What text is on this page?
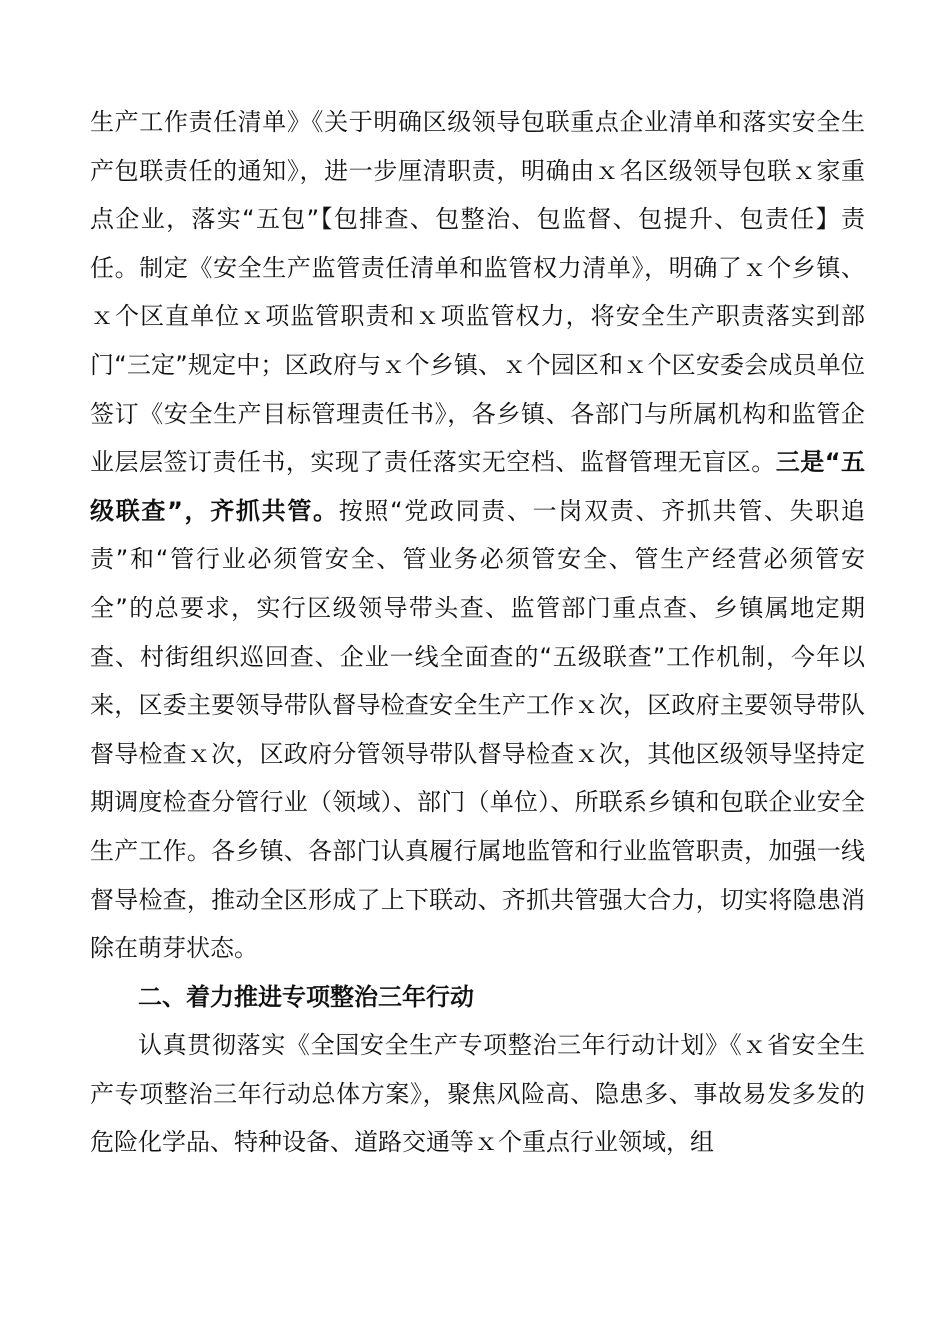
生产工作责任清单》《关于明确区级领导包联重点企业清单和落实安全生产包联责任的通知》，进一步厘清职责，明确由ｘ名区级领导包联ｘ家重点企业，落实“五包”【包排查、包整治、包监督、包提升、包责任】责任。制定《安全生产监管责任清单和监管权力清单》，明确了ｘ个乡镇、ｘ个区直单位ｘ项监管职责和ｘ项监管权力，将安全生产职责落实到部门“三定”规定中；区政府与ｘ个乡镇、ｘ个园区和ｘ个区安委会成员单位签订《安全生产目标管理责任书》，各乡镇、各部门与所属机构和监管企业层层签订责任书，实现了责任落实无空档、监督管理无盲区。三是“五级联查”，齐抓共管。按照“党政同责、一岗双责、齐抓共管、失职追责”和“管行业必须管安全、管业务必须管安全、管生产经营必须管安全”的总要求，实行区级领导带头查、监管部门重点查、乡镇属地定期查、村街组织巡回查、企业一线全面查的“五级联查”工作机制，今年以来，区委主要领导带队督导检查安全生产工作ｘ次，区政府主要领导带队督导检查ｘ次，区政府分管领导带队督导检查ｘ次，其他区级领导坚持定期调度检查分管行业（领域）、部门（单位）、所联系乡镇和包联企业安全生产工作。各乡镇、各部门认真履行属地监管和行业监管职责，加强一线督导检查，推动全区形成了上下联动、齐抓共管强大合力，切实将隐患消除在萌芽状态。

二、着力推进专项整治三年行动

认真贯彻落实《全国安全生产专项整治三年行动计划》《ｘ省安全生产专项整治三年行动总体方案》，聚焦风险高、隐患多、事故易发多发的危险化学品、特种设备、道路交通等ｘ个重点行业领域，组
